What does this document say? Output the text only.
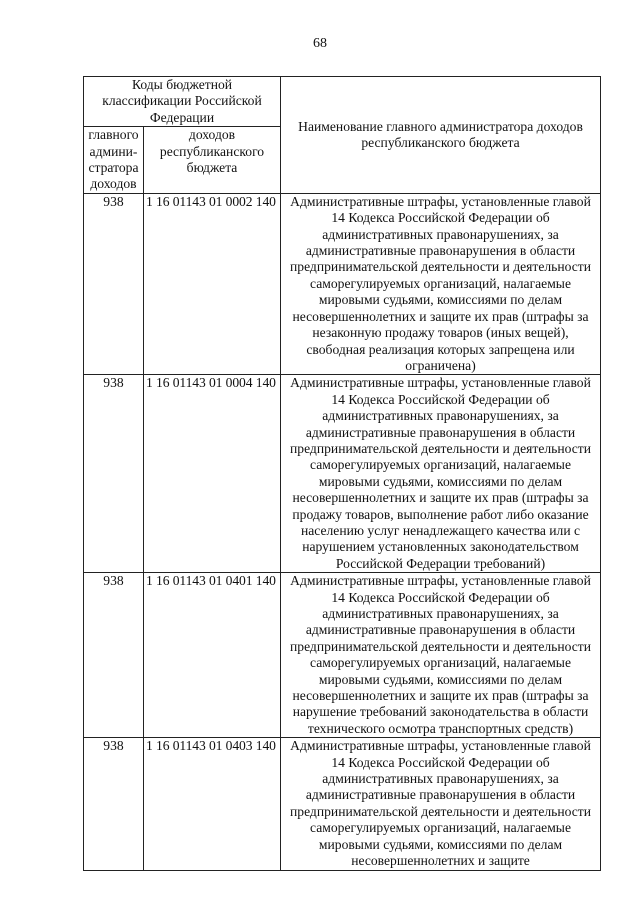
68
Коды бюджетной классификации Российской Федерации		Наименование главного администратора доходов республиканского бюджета
главного админи-стратора доходов	доходов республиканского бюджета	
938	1 16 01143 01 0002 140	Административные штрафы, установленные главой 14 Кодекса Российской Федерации об административных правонарушениях, за административные правонарушения в области предпринимательской деятельности и деятельности саморегулируемых организаций, налагаемые мировыми судьями, комиссиями по делам несовершеннолетних и защите их прав (штрафы за незаконную продажу товаров (иных вещей), свободная реализация которых запрещена или ограничена)
938	1 16 01143 01 0004 140	Административные штрафы, установленные главой 14 Кодекса Российской Федерации об административных правонарушениях, за административные правонарушения в области предпринимательской деятельности и деятельности саморегулируемых организаций, налагаемые мировыми судьями, комиссиями по делам несовершеннолетних и защите их прав (штрафы за продажу товаров, выполнение работ либо оказание населению услуг ненадлежащего качества или с нарушением установленных законодательством Российской Федерации требований)
938	1 16 01143 01 0401 140	Административные штрафы, установленные главой 14 Кодекса Российской Федерации об административных правонарушениях, за административные правонарушения в области предпринимательской деятельности и деятельности саморегулируемых организаций, налагаемые мировыми судьями, комиссиями по делам несовершеннолетних и защите их прав (штрафы за нарушение требований законодательства в области технического осмотра транспортных средств)
938	1 16 01143 01 0403 140	Административные штрафы, установленные главой 14 Кодекса Российской Федерации об административных правонарушениях, за административные правонарушения в области предпринимательской деятельности и деятельности саморегулируемых организаций, налагаемые мировыми судьями, комиссиями по делам несовершеннолетних и защите
